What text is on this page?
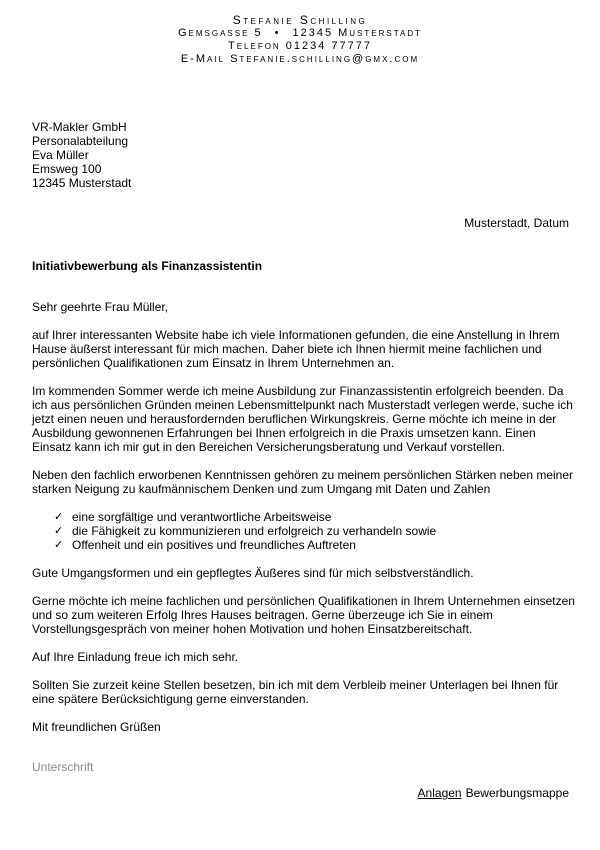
Stefanie Schilling
Gemsgasse 5 • 12345 Musterstadt
Telefon 01234 77777
E-Mail Stefanie.schilling@gmx.com
VR-Makler GmbH
Personalabteilung
Eva Müller
Emsweg 100
12345 Musterstadt
Musterstadt, Datum
Initiativbewerbung als Finanzassistentin

Sehr geehrte Frau Müller,

auf Ihrer interessanten Website habe ich viele Informationen gefunden, die eine Anstellung in Ihrem Hause äußerst interessant für mich machen. Daher biete ich Ihnen hiermit meine fachlichen und persönlichen Qualifikationen zum Einsatz in Ihrem Unternehmen an.

Im kommenden Sommer werde ich meine Ausbildung zur Finanzassistentin erfolgreich beenden. Da ich aus persönlichen Gründen meinen Lebensmittelpunkt nach Musterstadt verlegen werde, suche ich jetzt einen neuen und herausfordernden beruflichen Wirkungskreis. Gerne möchte ich meine in der Ausbildung gewonnenen Erfahrungen bei Ihnen erfolgreich in die Praxis umsetzen kann. Einen Einsatz kann ich mir gut in den Bereichen Versicherungsberatung und Verkauf vorstellen.

Neben den fachlich erworbenen Kenntnissen gehören zu meinem persönlichen Stärken neben meiner starken Neigung zu kaufmännischem Denken und zum Umgang mit Daten und Zahlen

✓ eine sorgfältige und verantwortliche Arbeitsweise
✓ die Fähigkeit zu kommunizieren und erfolgreich zu verhandeln sowie
✓ Offenheit und ein positives und freundliches Auftreten

Gute Umgangsformen und ein gepflegtes Äußeres sind für mich selbstverständlich.

Gerne möchte ich meine fachlichen und persönlichen Qualifikationen in Ihrem Unternehmen einsetzen und so zum weiteren Erfolg Ihres Hauses beitragen. Gerne überzeuge ich Sie in einem Vorstellungsgespräch von meiner hohen Motivation und hohen Einsatzbereitschaft.

Auf Ihre Einladung freue ich mich sehr.

Sollten Sie zurzeit keine Stellen besetzen, bin ich mit dem Verbleib meiner Unterlagen bei Ihnen für eine spätere Berücksichtigung gerne einverstanden.

Mit freundlichen Grüßen

Unterschrift
Anlagen Bewerbungsmappe
